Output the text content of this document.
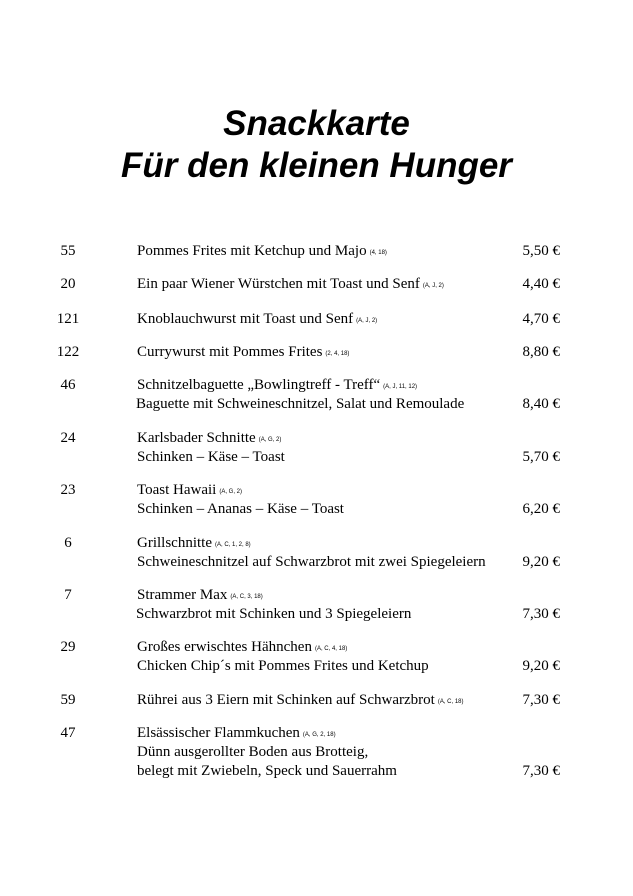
Snackkarte
Für den kleinen Hunger
55	Pommes Frites mit Ketchup und Majo (4, 18)	5,50 €
20	Ein paar Wiener Würstchen mit Toast und Senf (A, J, 2)	4,40 €
121	Knoblauchwurst mit Toast und Senf (A, J, 2)	4,70 €
122	Currywurst mit Pommes Frites (2, 4, 18)	8,80 €
46	Schnitzelbaguette „Bowlingtreff - Treff“ (A, J, 11, 12)
Baguette mit Schweineschnitzel, Salat und Remoulade	8,40 €
24	Karlsbader Schnitte (A, G, 2)
Schinken – Käse – Toast	5,70 €
23	Toast Hawaii (A, G, 2)
Schinken – Ananas – Käse – Toast	6,20 €
6	Grillschnitte (A, C, 1, 2, 8)
Schweineschnitzel auf Schwarzbrot mit zwei Spiegeleiern 9,20 €
7	Strammer Max (A, C, 3, 18)
Schwarzbrot mit Schinken und 3 Spiegeleiern	7,30 €
29	Großes erwischtes Hähnchen (A, C, 4, 18)
Chicken Chip´s mit Pommes Frites und Ketchup	9,20 €
59	Rührei aus 3 Eiern mit Schinken auf Schwarzbrot (A, C, 18)	7,30 €
47	Elsässischer Flammkuchen (A, G, 2, 18)
Dünn ausgerollter Boden aus Brotteig,
belegt mit Zwiebeln, Speck und Sauerrahm	7,30 €
